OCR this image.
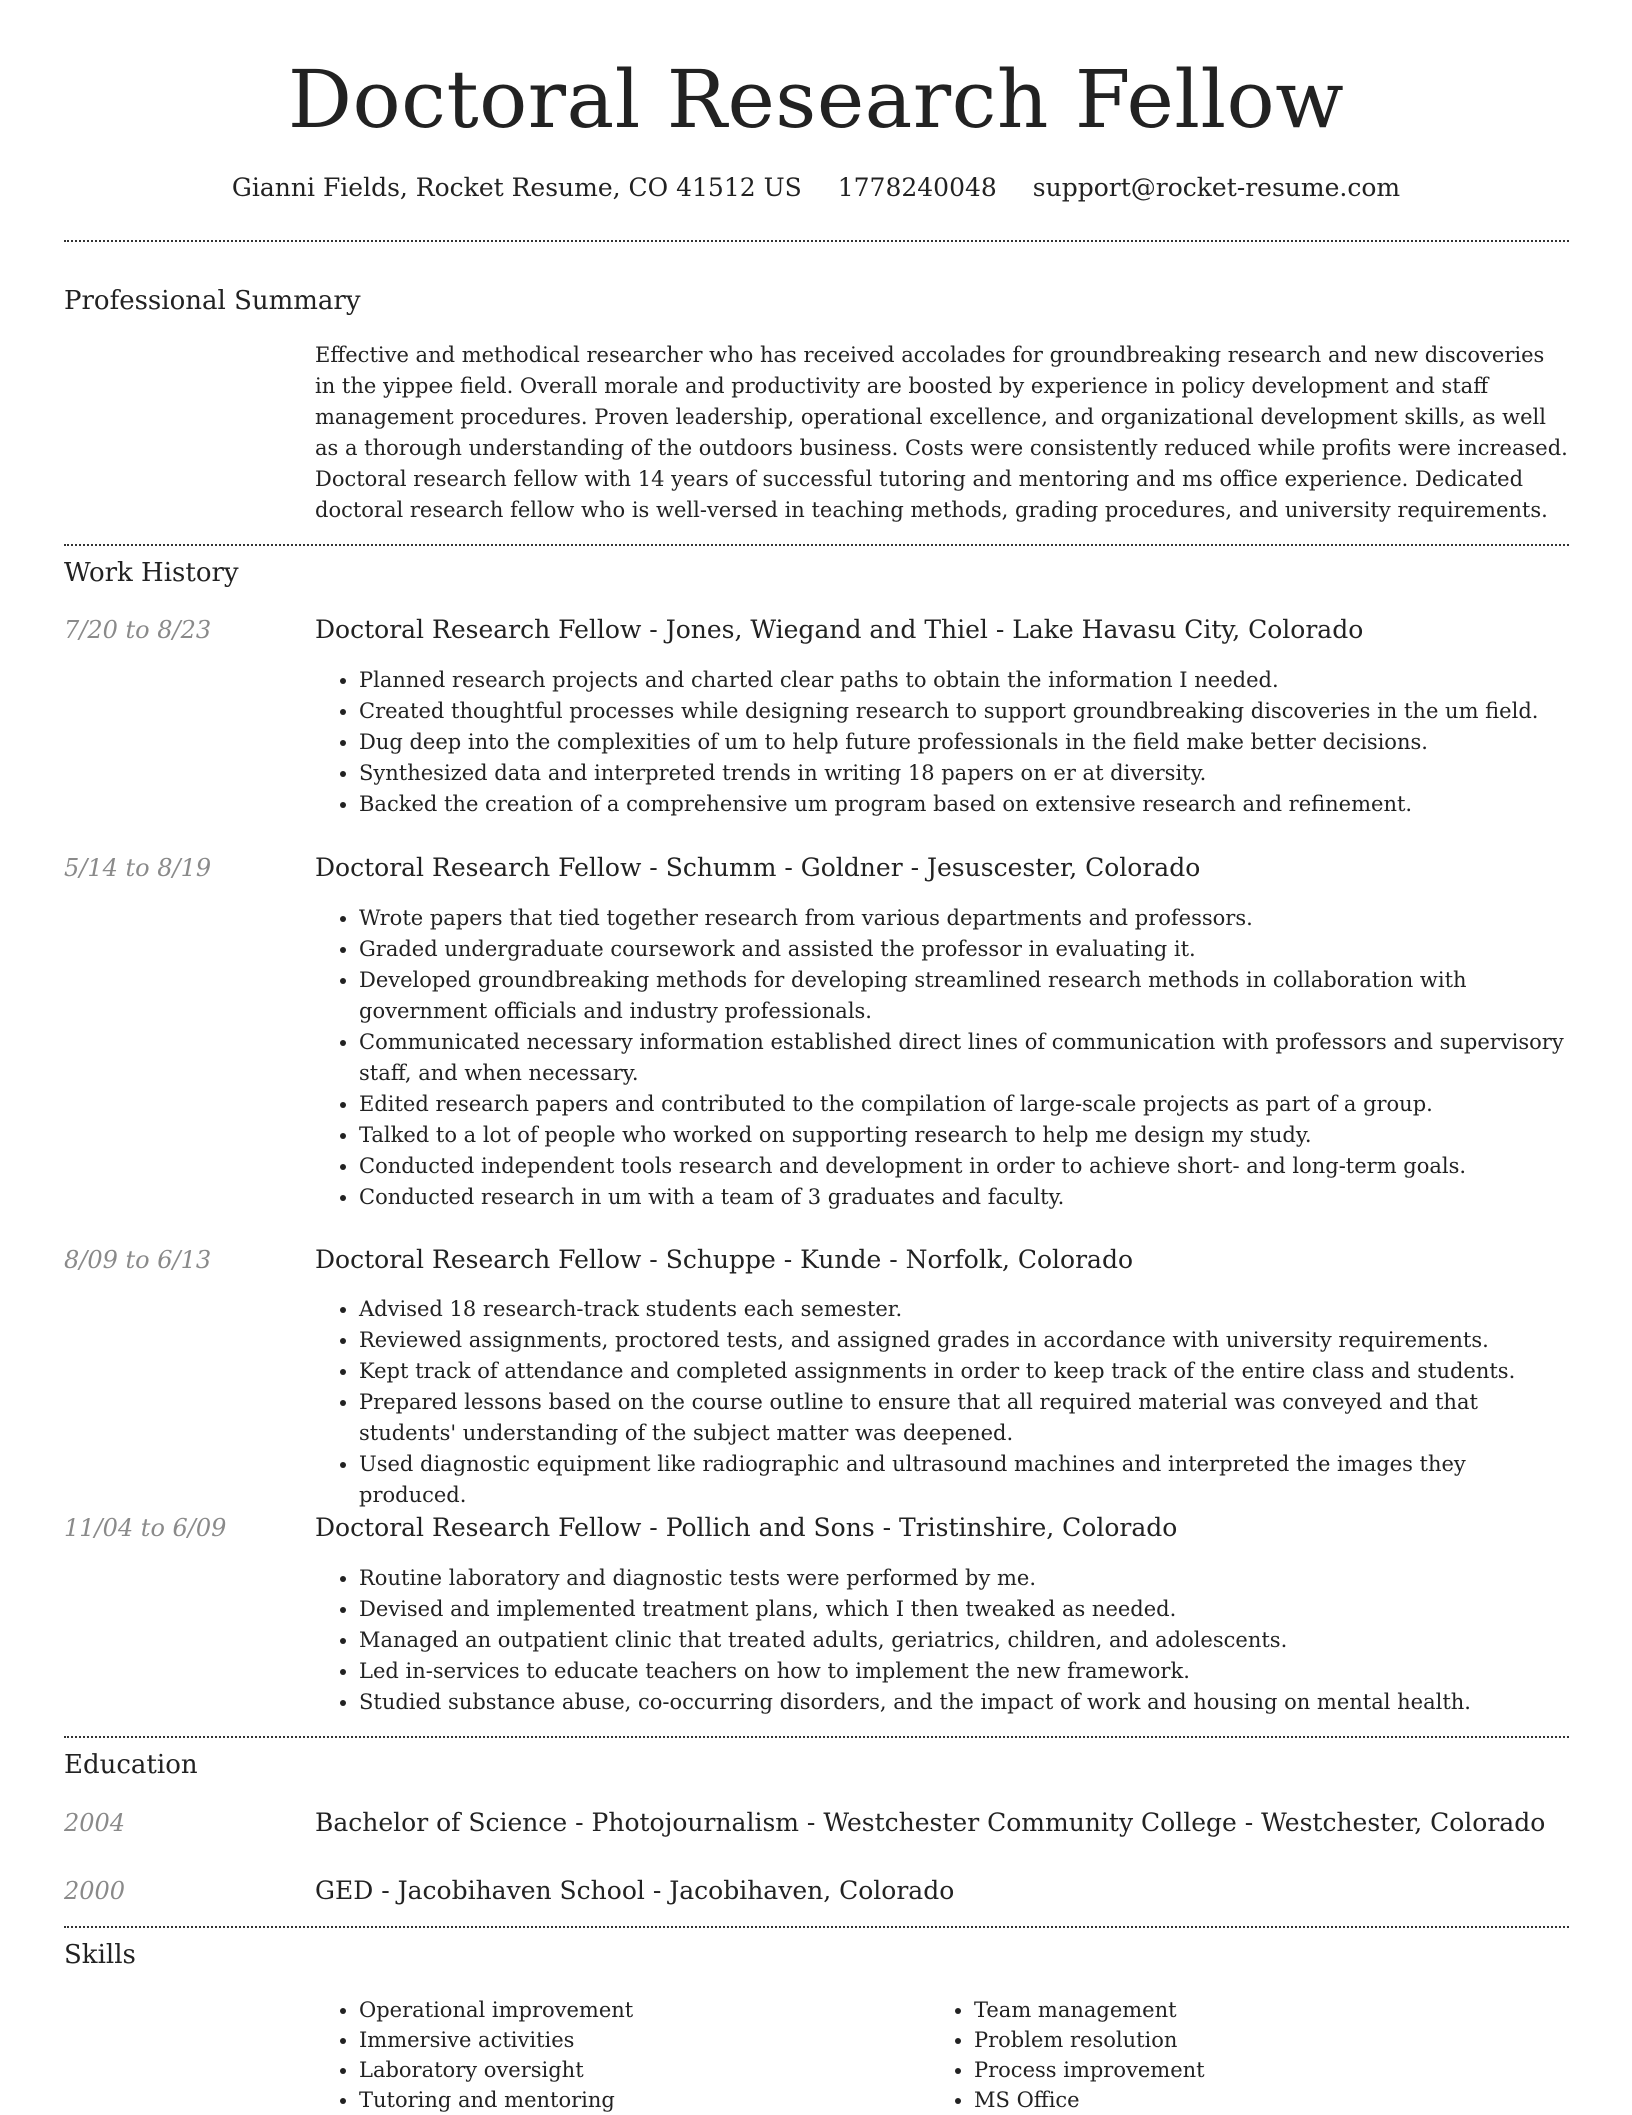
Doctoral Research Fellow
Gianni Fields, Rocket Resume, CO 41512 US 1778240048 support@rocket-resume.com
Professional Summary
Effective and methodical researcher who has received accolades for groundbreaking research and new discoveries in the yippee field. Overall morale and productivity are boosted by experience in policy development and staff management procedures. Proven leadership, operational excellence, and organizational development skills, as well as a thorough understanding of the outdoors business. Costs were consistently reduced while profits were increased. Doctoral research fellow with 14 years of successful tutoring and mentoring and ms office experience. Dedicated doctoral research fellow who is well-versed in teaching methods, grading procedures, and university requirements.
Work History
7/20 to 8/23	Doctoral Research Fellow - Jones, Wiegand and Thiel - Lake Havasu City, Colorado
• Planned research projects and charted clear paths to obtain the information I needed.
• Created thoughtful processes while designing research to support groundbreaking discoveries in the um field.
• Dug deep into the complexities of um to help future professionals in the field make better decisions.
• Synthesized data and interpreted trends in writing 18 papers on er at diversity.
• Backed the creation of a comprehensive um program based on extensive research and refinement.
5/14 to 8/19	Doctoral Research Fellow - Schumm - Goldner - Jesuscester, Colorado
• Wrote papers that tied together research from various departments and professors.
• Graded undergraduate coursework and assisted the professor in evaluating it.
• Developed groundbreaking methods for developing streamlined research methods in collaboration with government officials and industry professionals.
• Communicated necessary information established direct lines of communication with professors and supervisory staff, and when necessary.
• Edited research papers and contributed to the compilation of large-scale projects as part of a group.
• Talked to a lot of people who worked on supporting research to help me design my study.
• Conducted independent tools research and development in order to achieve short- and long-term goals.
• Conducted research in um with a team of 3 graduates and faculty.
8/09 to 6/13	Doctoral Research Fellow - Schuppe - Kunde - Norfolk, Colorado
• Advised 18 research-track students each semester.
• Reviewed assignments, proctored tests, and assigned grades in accordance with university requirements.
• Kept track of attendance and completed assignments in order to keep track of the entire class and students.
• Prepared lessons based on the course outline to ensure that all required material was conveyed and that students' understanding of the subject matter was deepened.
• Used diagnostic equipment like radiographic and ultrasound machines and interpreted the images they produced.
11/04 to 6/09	Doctoral Research Fellow - Pollich and Sons - Tristinshire, Colorado
• Routine laboratory and diagnostic tests were performed by me.
• Devised and implemented treatment plans, which I then tweaked as needed.
• Managed an outpatient clinic that treated adults, geriatrics, children, and adolescents.
• Led in-services to educate teachers on how to implement the new framework.
• Studied substance abuse, co-occurring disorders, and the impact of work and housing on mental health.
Education
2004	Bachelor of Science - Photojournalism - Westchester Community College - Westchester, Colorado
2000	GED - Jacobihaven School - Jacobihaven, Colorado
Skills
• Operational improvement
• Immersive activities
• Laboratory oversight
• Tutoring and mentoring
• Team management
• Problem resolution
• Process improvement
• MS Office
